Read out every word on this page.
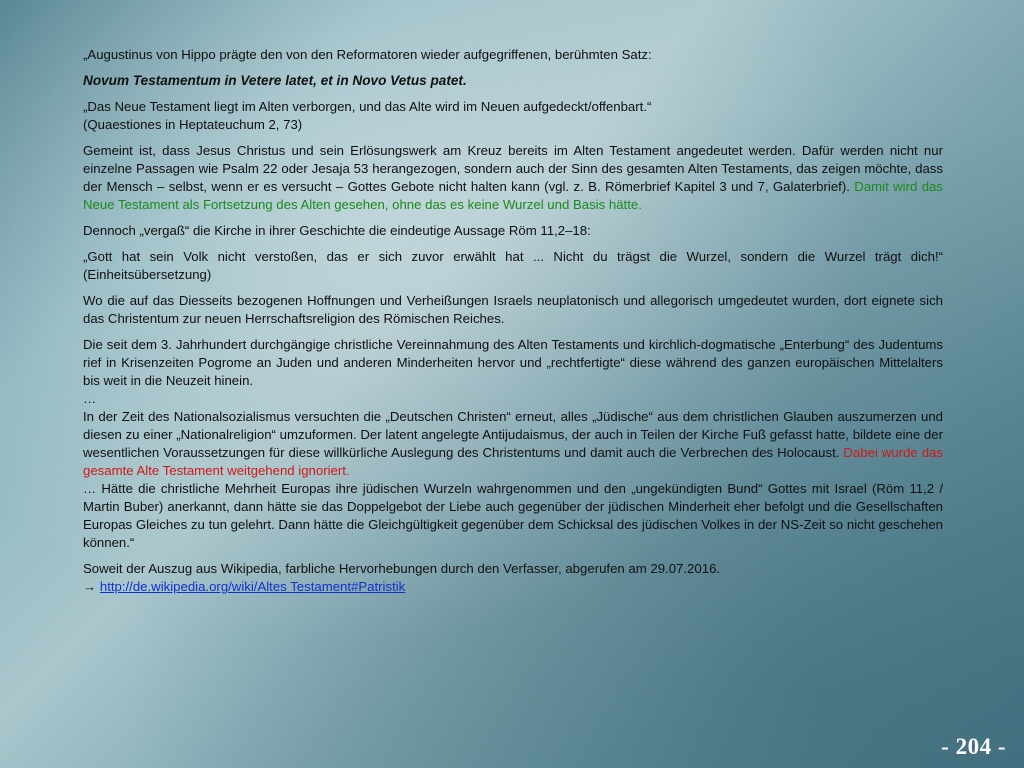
„Augustinus von Hippo prägte den von den Reformatoren wieder aufgegriffenen, berühmten Satz:

Novum Testamentum in Vetere latet, et in Novo Vetus patet.

„Das Neue Testament liegt im Alten verborgen, und das Alte wird im Neuen aufgedeckt/offenbart.“
(Quaestiones in Heptateuchum 2, 73)

Gemeint ist, dass Jesus Christus und sein Erlösungswerk am Kreuz bereits im Alten Testament angedeutet werden. Dafür werden nicht nur einzelne Passagen wie Psalm 22 oder Jesaja 53 herangezogen, sondern auch der Sinn des gesamten Alten Testaments, das zeigen möchte, dass der Mensch – selbst, wenn er es versucht – Gottes Gebote nicht halten kann (vgl. z. B. Römerbrief Kapitel 3 und 7, Galaterbrief). Damit wird das Neue Testament als Fortsetzung des Alten gesehen, ohne das es keine Wurzel und Basis hätte.

Dennoch „vergaß“ die Kirche in ihrer Geschichte die eindeutige Aussage Röm 11,2–18:

„Gott hat sein Volk nicht verstoßen, das er sich zuvor erwählt hat ... Nicht du trägst die Wurzel, sondern die Wurzel trägt dich!“ (Einheitsübersetzung)

Wo die auf das Diesseits bezogenen Hoffnungen und Verheißungen Israels neuplatonisch und allegorisch umgedeutet wurden, dort eignete sich das Christentum zur neuen Herrschaftsreligion des Römischen Reiches.

Die seit dem 3. Jahrhundert durchgängige christliche Vereinnahmung des Alten Testaments und kirchlich-dogmatische „Enterbung“ des Judentums rief in Krisenzeiten Pogrome an Juden und anderen Minderheiten hervor und „rechtfertigte“ diese während des ganzen europäischen Mittelalters bis weit in die Neuzeit hinein.

…

In der Zeit des Nationalsozialismus versuchten die „Deutschen Christen“ erneut, alles „Jüdische“ aus dem christlichen Glauben auszumerzen und diesen zu einer „Nationalreligion“ umzuformen. Der latent angelegte Antijudaismus, der auch in Teilen der Kirche Fuß gefasst hatte, bildete eine der wesentlichen Voraussetzungen für diese willkürliche Auslegung des Christentums und damit auch die Verbrechen des Holocaust. Dabei wurde das gesamte Alte Testament weitgehend ignoriert.

… Hätte die christliche Mehrheit Europas ihre jüdischen Wurzeln wahrgenommen und den „ungekündigten Bund“ Gottes mit Israel (Röm 11,2 / Martin Buber) anerkannt, dann hätte sie das Doppelgebot der Liebe auch gegenüber der jüdischen Minderheit eher befolgt und die Gesellschaften Europas Gleiches zu tun gelehrt. Dann hätte die Gleichgültigkeit gegenüber dem Schicksal des jüdischen Volkes in der NS-Zeit so nicht geschehen können.“

Soweit der Auszug aus Wikipedia, farbliche Hervorhebungen durch den Verfasser, abgerufen am 29.07.2016.
→ http://de.wikipedia.org/wiki/Altes Testament#Patristik

- 204 -
